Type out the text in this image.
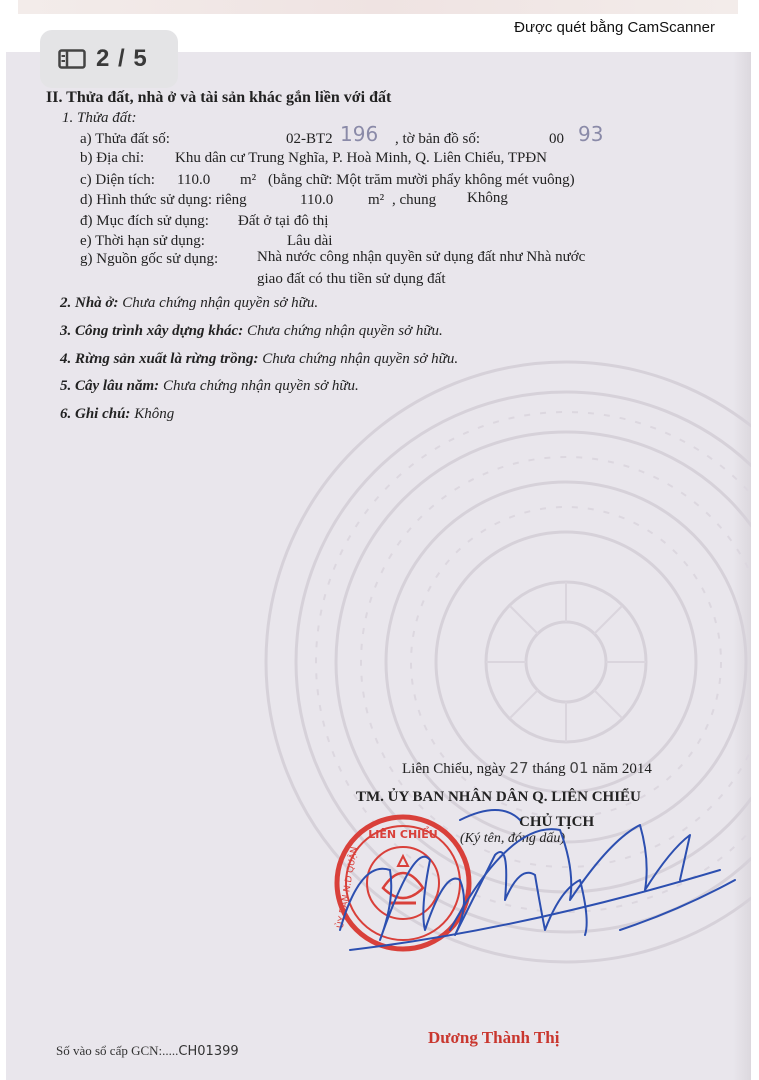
Được quét bằng CamScanner
2 / 5
II. Thửa đất, nhà ở và tài sản khác gắn liền với đất
1. Thửa đất:
a) Thửa đất số:	02-BT2 196 , tờ bản đồ số:	00 93
b) Địa chỉ: Khu dân cư Trung Nghĩa, P. Hoà Minh, Q. Liên Chiểu, TPĐN
c) Diện tích: 110.0 m² (bằng chữ: Một trăm mười phẩy không mét vuông)
d) Hình thức sử dụng: riêng	110.0 m² , chung Không
đ) Mục đích sử dụng: Đất ở tại đô thị
e) Thời hạn sử dụng:	Lâu dài
g) Nguồn gốc sử dụng:	Nhà nước công nhận quyền sử dụng đất như Nhà nước
giao đất có thu tiền sử dụng đất
2. Nhà ở: Chưa chứng nhận quyền sở hữu.
3. Công trình xây dựng khác: Chưa chứng nhận quyền sở hữu.
4. Rừng sản xuất là rừng trồng: Chưa chứng nhận quyền sở hữu.
5. Cây lâu năm: Chưa chứng nhận quyền sở hữu.
6. Ghi chú: Không
Liên Chiểu, ngày 27 tháng 01 năm 2014
TM. ỦY BAN NHÂN DÂN Q. LIÊN CHIỂU
CHỦ TỊCH
(Ký tên, đóng dấu)
LIÊN CHIỂU
ỦY BAN N.D QUẬN
Dương Thành Thị
Số vào sổ cấp GCN:.....CH01399
